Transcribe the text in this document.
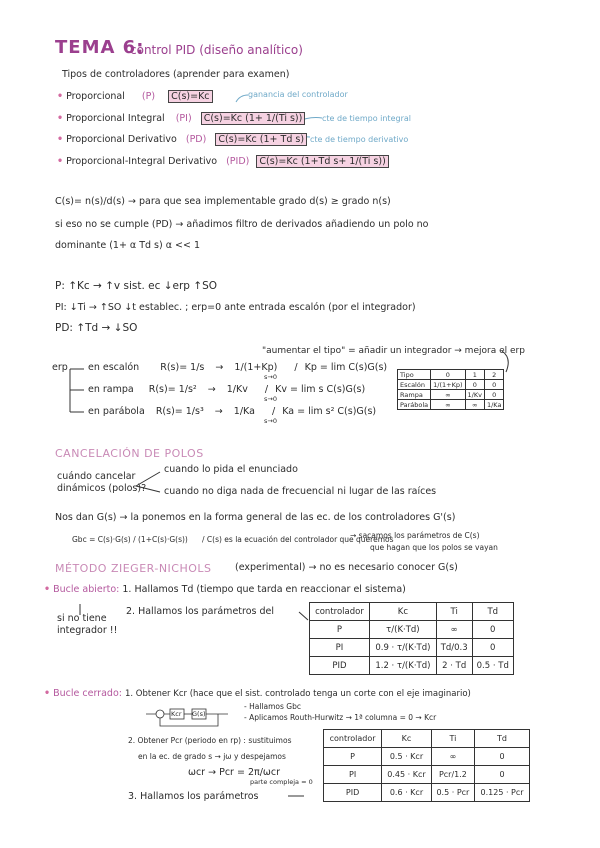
TEMA 6:
control PID (diseño analítico)
Tipos de controladores (aprender para examen)
• Proporcional (P) C(s)=Kc
• Proporcional Integral (PI) C(s)=Kc (1+ 1/(Ti s))
• Proporcional Derivativo (PD) C(s)=Kc (1+ Td s)
• Proporcional-Integral Derivativo (PID) C(s)=Kc (1+Td s+ 1/(Ti s))
ganancia del controlador
cte de tiempo integral
cte de tiempo derivativo
C(s)= n(s)/d(s) → para que sea implementable grado d(s) ≥ grado n(s)
si eso no se cumple (PD) → añadimos filtro de derivados añadiendo un polo no
dominante (1+ α Td s) α << 1
P: ↑Kc → ↑v sist. ec ↓erp ↑SO
PI: ↓Ti → ↑SO ↓t establec. ; erp=0 ante entrada escalón (por el integrador)
PD: ↑Td → ↓SO
"aumentar el tipo" = añadir un integrador → mejora el erp
erp en escalón R(s)= 1/s → 1/(1+Kp) / Kp = lim C(s)G(s)
s→0
en rampa R(s)= 1/s² → 1/Kv / Kv = lim s C(s)G(s)
s→0
en parábola R(s)= 1/s³ → 1/Ka / Ka = lim s² C(s)G(s)
s→0
Tipo	0	1	2
Escalón	1/(1+Kp)	0	0
Rampa	∞	1/Kv	0
Parábola	∞	∞	1/Ka
CANCELACIÓN DE POLOS
cuándo cancelar
dinámicos (polos)?
cuando lo pida el enunciado
cuando no diga nada de frecuencial ni lugar de las raíces
Nos dan G(s) → la ponemos en la forma general de las ec. de los controladores G'(s)
Gbc = C(s)·G(s) / (1+C(s)·G(s)) / C(s) es la ecuación del controlador que queremos
→ sacamos los parámetros de C(s)
que hagan que los polos se vayan
MÉTODO ZIEGER-NICHOLS (experimental) → no es necesario conocer G(s)
• Bucle abierto: 1. Hallamos Td (tiempo que tarda en reaccionar el sistema)
si no tiene
integrador !!
2. Hallamos los parámetros del	controlador	Kc	Ti	Td
P	τ/(K·Td)	∞	0
PI	0.9 · τ/(K·Td)	Td/0.3	0
PID	1.2 · τ/(K·Td)	2 · Td	0.5 · Td
• Bucle cerrado: 1. Obtener Kcr (hace que el sist. controlado tenga un corte con el eje imaginario)
Kcr G(s)
- Hallamos Gbc
- Aplicamos Routh-Hurwitz → 1ª columna = 0 → Kcr
2. Obtener Pcr (periodo en rp) : sustituimos
en la ec. de grado s → jω y despejamos
ωcr → Pcr = 2π/ωcr
parte compleja = 0
3. Hallamos los parámetros
controlador	Kc	Ti	Td
P	0.5 · Kcr	∞	0
PI	0.45 · Kcr	Pcr/1.2	0
PID	0.6 · Kcr	0.5 · Pcr	0.125 · Pcr
